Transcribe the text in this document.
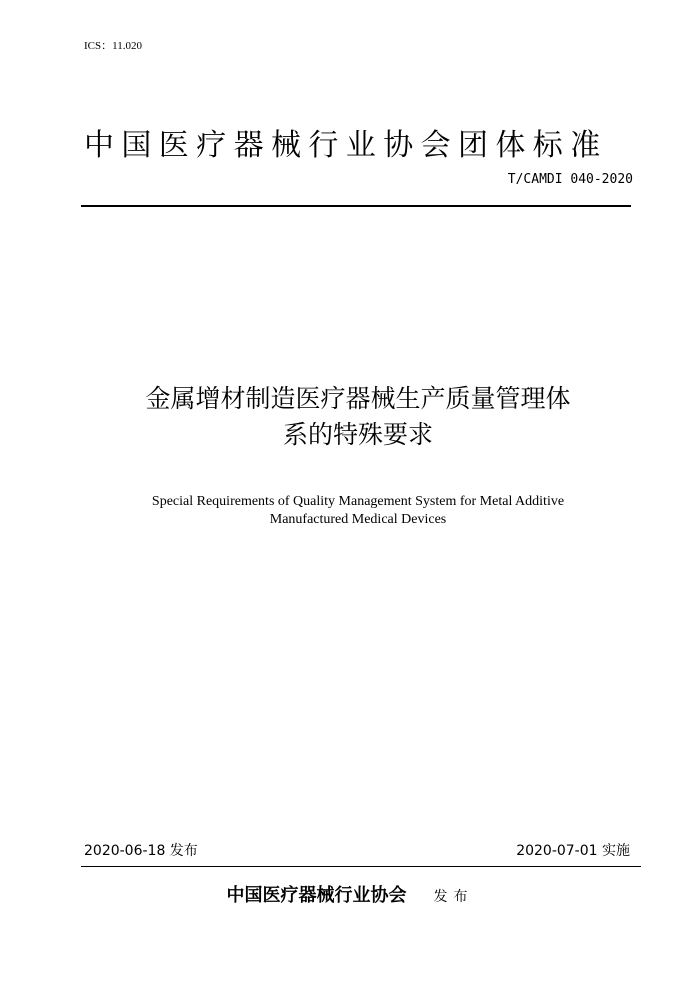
ICS：11.020
中国医疗器械行业协会团体标准
T/CAMDI 040-2020
金属增材制造医疗器械生产质量管理体
系的特殊要求
Special Requirements of Quality Management System for Metal Additive
Manufactured Medical Devices
2020-06-18 发布	2020-07-01 实施
中国医疗器械行业协会 发布
